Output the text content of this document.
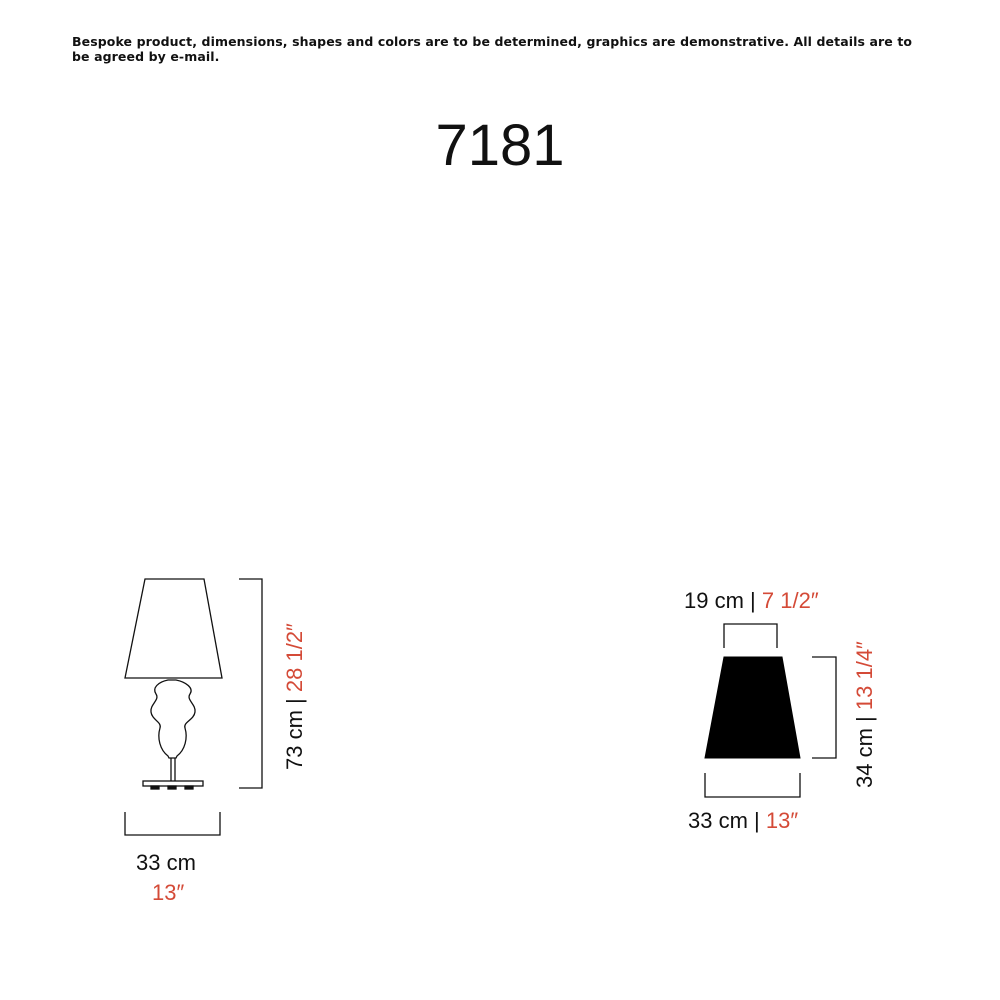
Bespoke product, dimensions, shapes and colors are to be determined, graphics are demonstrative. All details are to be agreed by e-mail.
7181
73 cm | 28 1/2″
33 cm
13″
19 cm | 7 1/2″
34 cm | 13 1/4″
33 cm | 13″
